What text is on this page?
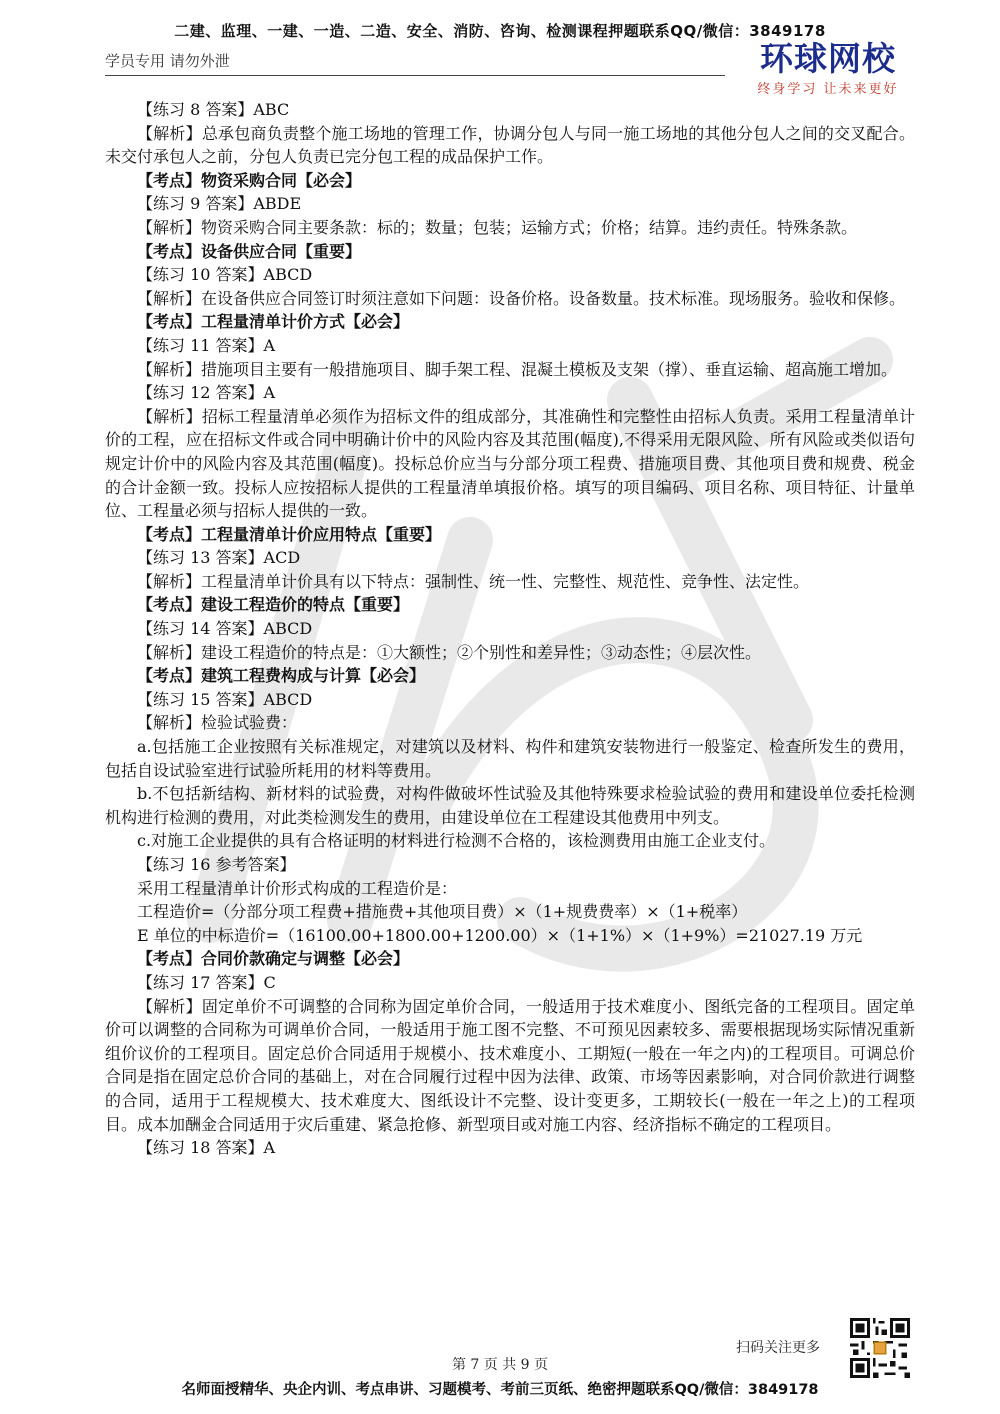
二建、监理、一建、一造、二造、安全、消防、咨询、检测课程押题联系QQ/微信：3849178
学员专用 请勿外泄	环球网校
终身学习 让未来更好
【练习 8 答案】ABC
【解析】总承包商负责整个施工场地的管理工作，协调分包人与同一施工场地的其他分包人之间的交叉配合。未交付承包人之前，分包人负责已完分包工程的成品保护工作。
【考点】物资采购合同【必会】
【练习 9 答案】ABDE
【解析】物资采购合同主要条款：标的；数量；包装；运输方式；价格；结算。违约责任。特殊条款。
【考点】设备供应合同【重要】
【练习 10 答案】ABCD
【解析】在设备供应合同签订时须注意如下问题：设备价格。设备数量。技术标准。现场服务。验收和保修。
【考点】工程量清单计价方式【必会】
【练习 11 答案】A
【解析】措施项目主要有一般措施项目、脚手架工程、混凝土模板及支架（撑）、垂直运输、超高施工增加。
【练习 12 答案】A
【解析】招标工程量清单必须作为招标文件的组成部分，其准确性和完整性由招标人负责。采用工程量清单计价的工程，应在招标文件或合同中明确计价中的风险内容及其范围(幅度),不得采用无限风险、所有风险或类似语句规定计价中的风险内容及其范围(幅度)。投标总价应当与分部分项工程费、措施项目费、其他项目费和规费、税金的合计金额一致。投标人应按招标人提供的工程量清单填报价格。填写的项目编码、项目名称、项目特征、计量单位、工程量必须与招标人提供的一致。
【考点】工程量清单计价应用特点【重要】
【练习 13 答案】ACD
【解析】工程量清单计价具有以下特点：强制性、统一性、完整性、规范性、竞争性、法定性。
【考点】建设工程造价的特点【重要】
【练习 14 答案】ABCD
【解析】建设工程造价的特点是：①大额性；②个别性和差异性；③动态性；④层次性。
【考点】建筑工程费构成与计算【必会】
【练习 15 答案】ABCD
【解析】检验试验费：
a.包括施工企业按照有关标准规定，对建筑以及材料、构件和建筑安装物进行一般鉴定、检查所发生的费用，包括自设试验室进行试验所耗用的材料等费用。
b.不包括新结构、新材料的试验费，对构件做破坏性试验及其他特殊要求检验试验的费用和建设单位委托检测机构进行检测的费用，对此类检测发生的费用，由建设单位在工程建设其他费用中列支。
c.对施工企业提供的具有合格证明的材料进行检测不合格的，该检测费用由施工企业支付。
【练习 16 参考答案】
采用工程量清单计价形式构成的工程造价是：
工程造价=（分部分项工程费+措施费+其他项目费）×（1+规费费率）×（1+税率）
E 单位的中标造价=（16100.00+1800.00+1200.00）×（1+1%）×（1+9%）=21027.19 万元
【考点】合同价款确定与调整【必会】
【练习 17 答案】C
【解析】固定单价不可调整的合同称为固定单价合同，一般适用于技术难度小、图纸完备的工程项目。固定单价可以调整的合同称为可调单价合同，一般适用于施工图不完整、不可预见因素较多、需要根据现场实际情况重新组价议价的工程项目。固定总价合同适用于规模小、技术难度小、工期短(一般在一年之内)的工程项目。可调总价合同是指在固定总价合同的基础上，对在合同履行过程中因为法律、政策、市场等因素影响，对合同价款进行调整的合同，适用于工程规模大、技术难度大、图纸设计不完整、设计变更多，工期较长(一般在一年之上)的工程项目。成本加酬金合同适用于灾后重建、紧急抢修、新型项目或对施工内容、经济指标不确定的工程项目。
【练习 18 答案】A
扫码关注更多
第 7 页 共 9 页
名师面授精华、央企内训、考点串讲、习题模考、考前三页纸、绝密押题联系QQ/微信：3849178
